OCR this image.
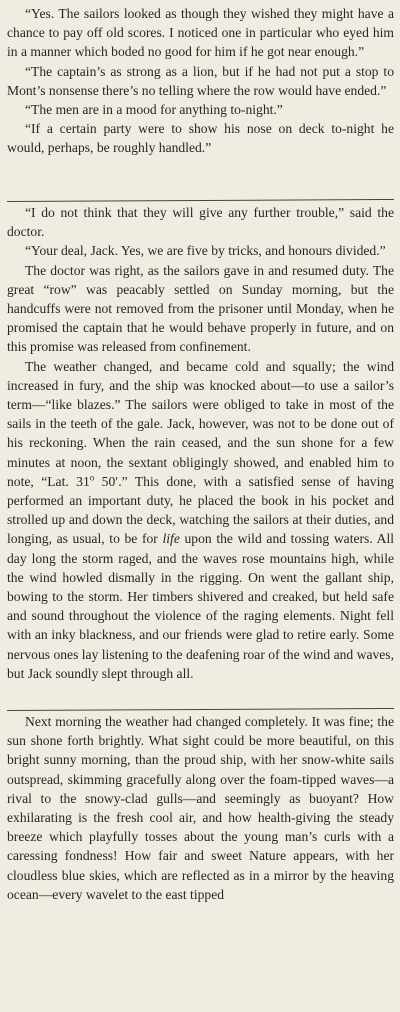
“Yes. The sailors looked as though they wished they might have a chance to pay off old scores. I noticed one in particular who eyed him in a manner which boded no good for him if he got near enough.”

“The captain’s as strong as a lion, but if he had not put a stop to Mont’s nonsense there’s no telling where the row would have ended.”

“The men are in a mood for anything to-night.”

“If a certain party were to show his nose on deck to-night he would, perhaps, be roughly handled.”

“I do not think that they will give any further trouble,” said the doctor.

“Your deal, Jack. Yes, we are five by tricks, and honours divided.”

The doctor was right, as the sailors gave in and resumed duty. The great “row” was peacably settled on Sunday morning, but the handcuffs were not removed from the prisoner until Monday, when he promised the captain that he would behave properly in future, and on this promise was released from confinement.

The weather changed, and became cold and squally; the wind increased in fury, and the ship was knocked about—to use a sailor’s term—“like blazes.” The sailors were obliged to take in most of the sails in the teeth of the gale. Jack, however, was not to be done out of his reckoning. When the rain ceased, and the sun shone for a few minutes at noon, the sextant obligingly showed, and enabled him to note, “Lat. 31$^o$ 50′.” This done, with a satisfied sense of having performed an important duty, he placed the book in his pocket and strolled up and down the deck, watching the sailors at their duties, and longing, as usual, to be for life upon the wild and tossing waters. All day long the storm raged, and the waves rose mountains high, while the wind howled dismally in the rigging. On went the gallant ship, bowing to the storm. Her timbers shivered and creaked, but held safe and sound throughout the violence of the raging elements. Night fell with an inky blackness, and our friends were glad to retire early. Some nervous ones lay listening to the deafening roar of the wind and waves, but Jack soundly slept through all.

Next morning the weather had changed completely. It was fine; the sun shone forth brightly. What sight could be more beautiful, on this bright sunny morning, than the proud ship, with her snow-white sails outspread, skimming gracefully along over the foam-tipped waves—a rival to the snowy-clad gulls—and seemingly as buoyant? How exhilarating is the fresh cool air, and how health-giving the steady breeze which playfully tosses about the young man’s curls with a caressing fondness! How fair and sweet Nature appears, with her cloudless blue skies, which are reflected as in a mirror by the heaving ocean—every wavelet to the east tipped
